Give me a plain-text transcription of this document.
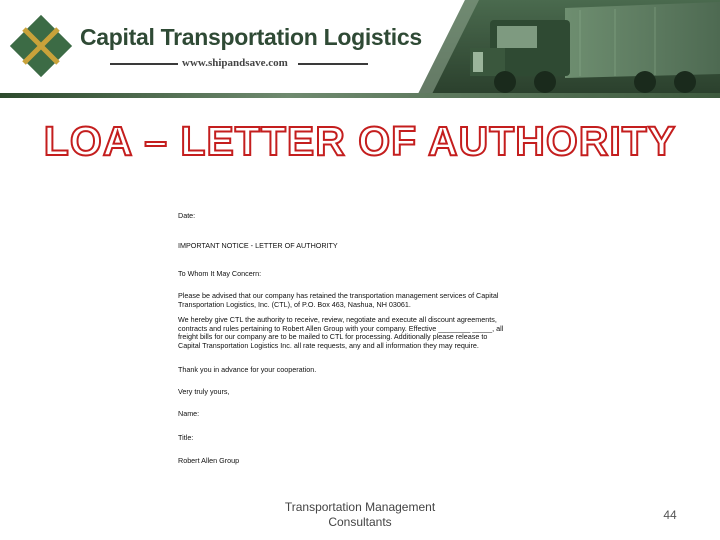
Capital Transportation Logistics
www.shipandsave.com
LOA – LETTER OF AUTHORITY

Date:

IMPORTANT NOTICE - LETTER OF AUTHORITY

To Whom It May Concern:

Please be advised that our company has retained the transportation management services of Capital Transportation Logistics, Inc. (CTL), of P.O. Box 463, Nashua, NH 03061.

We hereby give CTL the authority to receive, review, negotiate and execute all discount agreements, contracts and rules pertaining to Robert Allen Group with your company. Effective ________ _____, all freight bills for our company are to be mailed to CTL for processing. Additionally please release to Capital Transportation Logistics Inc. all rate requests, any and all information they may require.

Thank you in advance for your cooperation.

Very truly yours,

Name:

Title:

Robert Allen Group

Transportation Management
Consultants	44
